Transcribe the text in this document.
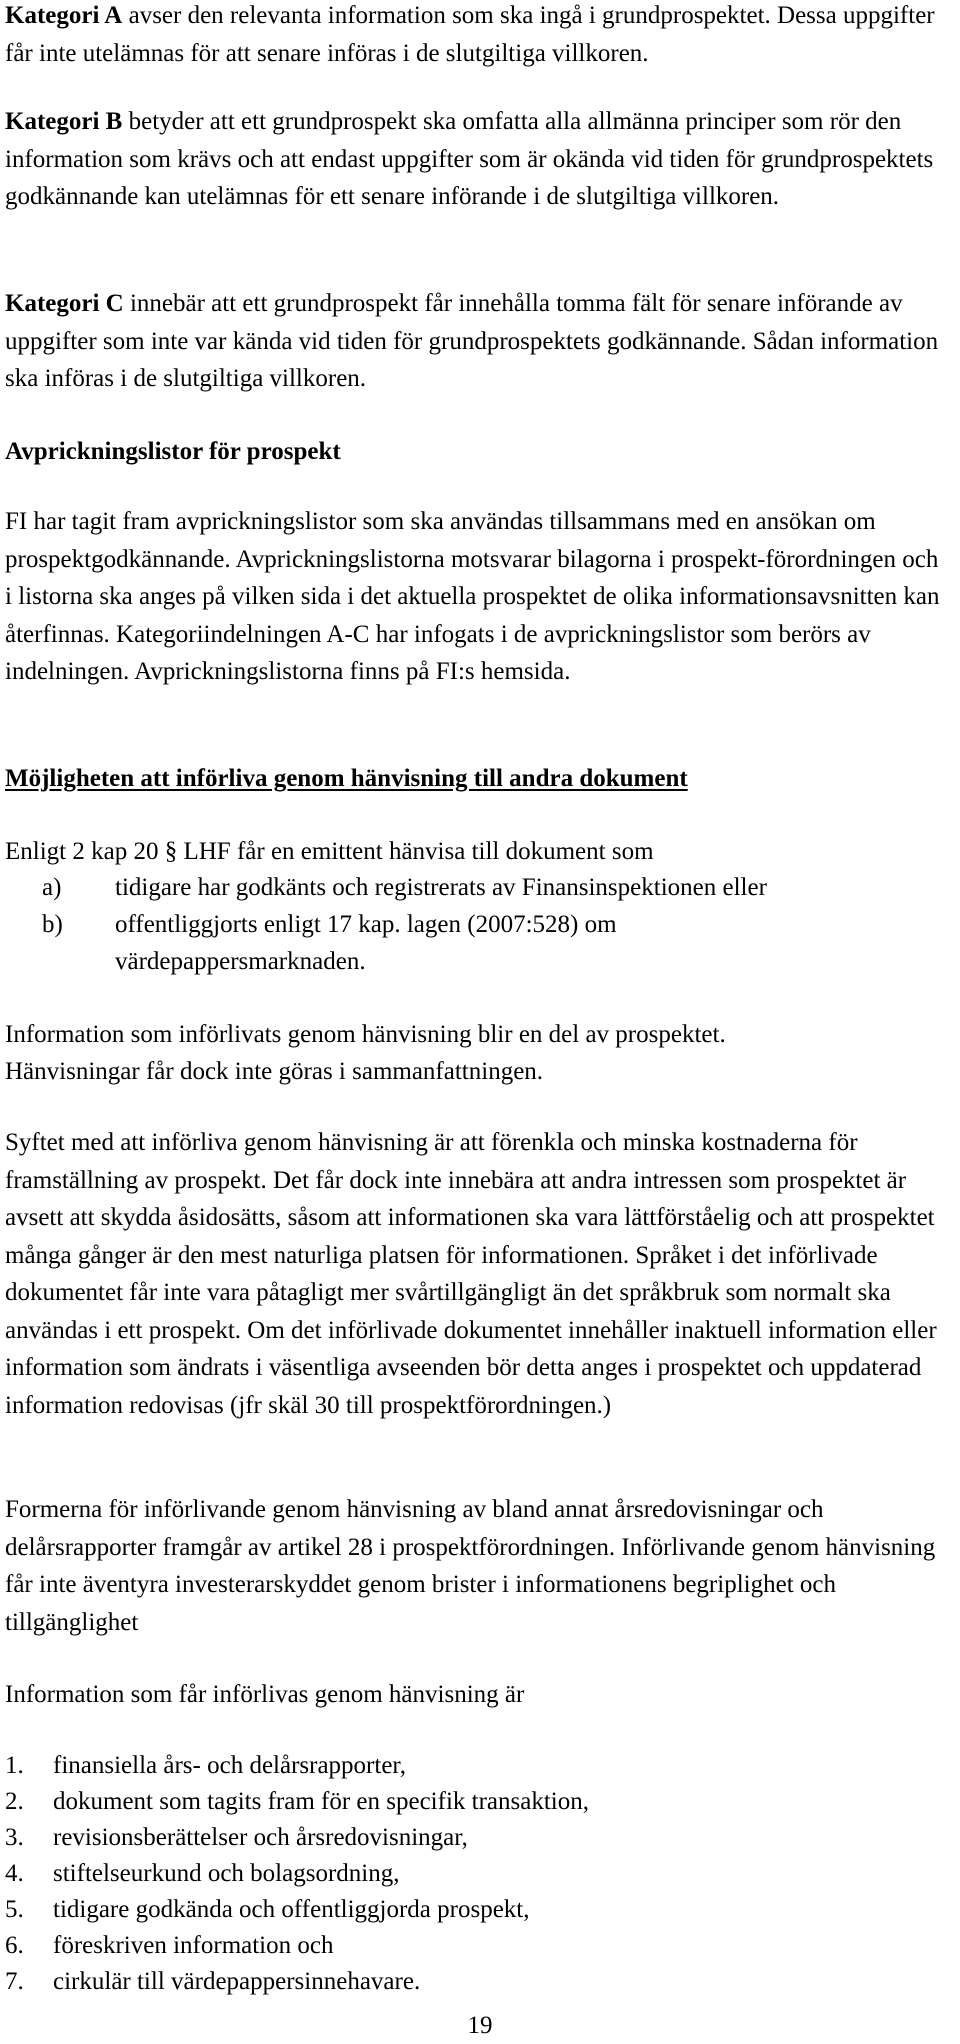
Kategori A avser den relevanta information som ska ingå i grundprospektet. Dessa uppgifter får inte utelämnas för att senare införas i de slutgiltiga villkoren.
Kategori B betyder att ett grundprospekt ska omfatta alla allmänna principer som rör den information som krävs och att endast uppgifter som är okända vid tiden för grundprospektets godkännande kan utelämnas för ett senare införande i de slutgiltiga villkoren.
Kategori C innebär att ett grundprospekt får innehålla tomma fält för senare införande av uppgifter som inte var kända vid tiden för grundprospektets godkännande. Sådan information ska införas i de slutgiltiga villkoren.
Avprickningslistor för prospekt
FI har tagit fram avprickningslistor som ska användas tillsammans med en ansökan om prospektgodkännande. Avprickningslistorna motsvarar bilagorna i prospekt-förordningen och i listorna ska anges på vilken sida i det aktuella prospektet de olika informationsavsnitten kan återfinnas. Kategoriindelningen A-C har infogats i de avprickningslistor som berörs av indelningen. Avprickningslistorna finns på FI:s hemsida.
Möjligheten att införliva genom hänvisning till andra dokument
Enligt 2 kap 20 § LHF får en emittent hänvisa till dokument som
a) tidigare har godkänts och registrerats av Finansinspektionen eller
b) offentliggjorts enligt 17 kap. lagen (2007:528) om
värdepappersmarknaden.
Information som införlivats genom hänvisning blir en del av prospektet.
Hänvisningar får dock inte göras i sammanfattningen.
Syftet med att införliva genom hänvisning är att förenkla och minska kostnaderna för framställning av prospekt. Det får dock inte innebära att andra intressen som prospektet är avsett att skydda åsidosätts, såsom att informationen ska vara lättförståelig och att prospektet många gånger är den mest naturliga platsen för informationen. Språket i det införlivade dokumentet får inte vara påtagligt mer svårtillgängligt än det språkbruk som normalt ska användas i ett prospekt. Om det införlivade dokumentet innehåller inaktuell information eller information som ändrats i väsentliga avseenden bör detta anges i prospektet och uppdaterad information redovisas (jfr skäl 30 till prospektförordningen.)
Formerna för införlivande genom hänvisning av bland annat årsredovisningar och delårsrapporter framgår av artikel 28 i prospektförordningen. Införlivande genom hänvisning får inte äventyra investerarskyddet genom brister i informationens begriplighet och tillgänglighet
Information som får införlivas genom hänvisning är
1. finansiella års- och delårsrapporter,
2. dokument som tagits fram för en specifik transaktion,
3. revisionsberättelser och årsredovisningar,
4. stiftelseurkund och bolagsordning,
5. tidigare godkända och offentliggjorda prospekt,
6. föreskriven information och
7. cirkulär till värdepappersinnehavare.
19
